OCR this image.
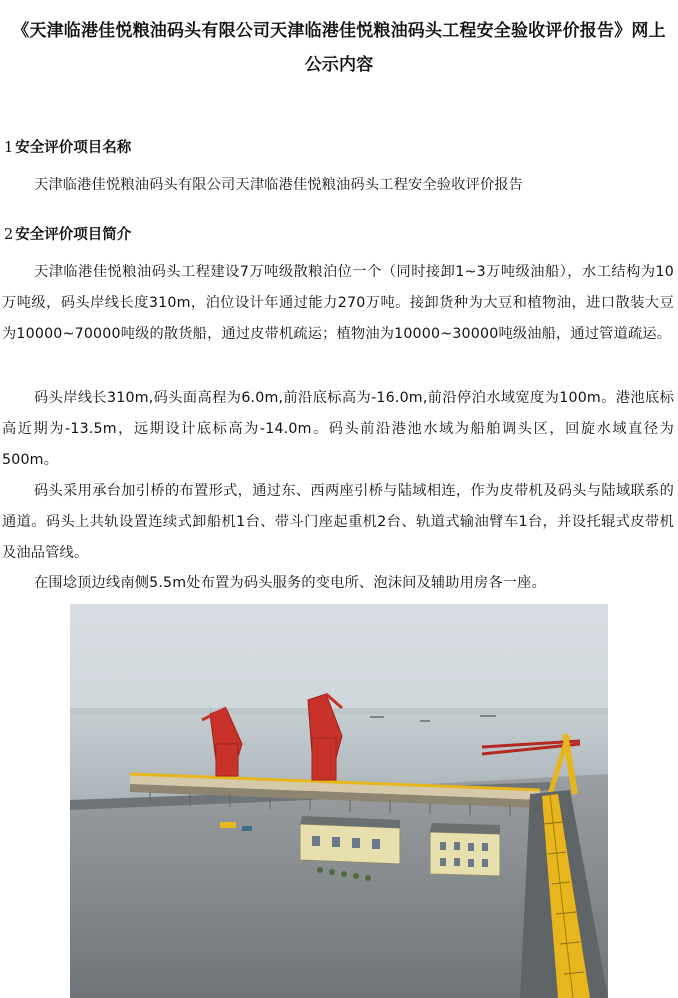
《天津临港佳悦粮油码头有限公司天津临港佳悦粮油码头工程安全验收评价报告》网上公示内容
1 安全评价项目名称
天津临港佳悦粮油码头有限公司天津临港佳悦粮油码头工程安全验收评价报告
2 安全评价项目简介
天津临港佳悦粮油码头工程建设7万吨级散粮泊位一个（同时接卸1~3万吨级油船），水工结构为10万吨级，码头岸线长度310m，泊位设计年通过能力270万吨。接卸货种为大豆和植物油，进口散装大豆为10000~70000吨级的散货船，通过皮带机疏运；植物油为10000~30000吨级油船，通过管道疏运。
码头岸线长310m,码头面高程为6.0m,前沿底标高为-16.0m,前沿停泊水域宽度为100m。港池底标高近期为-13.5m，远期设计底标高为-14.0m。码头前沿港池水域为船舶调头区，回旋水域直径为500m。
码头采用承台加引桥的布置形式，通过东、西两座引桥与陆域相连，作为皮带机及码头与陆域联系的通道。码头上共轨设置连续式卸船机1台、带斗门座起重机2台、轨道式输油臂车1台，并设托辊式皮带机及油品管线。
在围埝顶边线南侧5.5m处布置为码头服务的变电所、泡沫间及辅助用房各一座。
